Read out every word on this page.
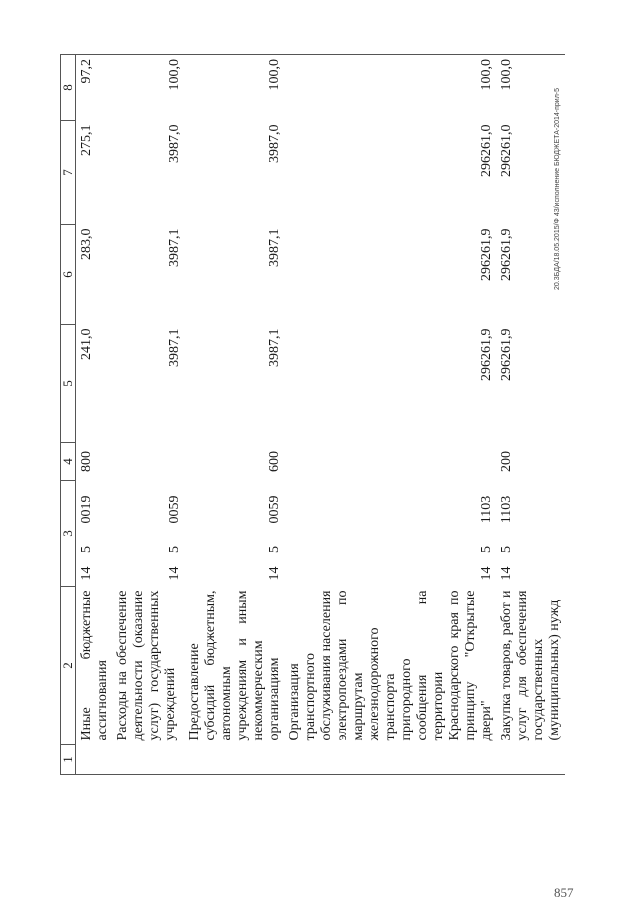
1	2	3			4	5	6	7	8
	Иные бюджетные ассигнования	14	5	0019	800	241,0	283,0	275,1	97,2
	Расходы на обеспечение деятельности (оказание услуг) государственных учреждений	14	5	0059		3987,1	3987,1	3987,0	100,0
	Предоставление субсидий бюджетным, автономным учреждениям и иным некоммерческим организациям	14	5	0059	600	3987,1	3987,1	3987,0	100,0
	Организация транспортного обслуживания населения электропоездами по маршрутам железнодорожного транспорта пригородного сообщения на территории Краснодарского края по принципу "Открытые двери"	14	5	1103		296261,9	296261,9	296261,0	100,0
	Закупка товаров, работ и услуг для обеспечения государственных (муниципальных) нужд	14	5	1103	200	296261,9	296261,9	296261,0	100,0
20.3БДА/18.05.2015/Ф 43/исполнение БЮДЖЕТА-2014-прил-5
857
